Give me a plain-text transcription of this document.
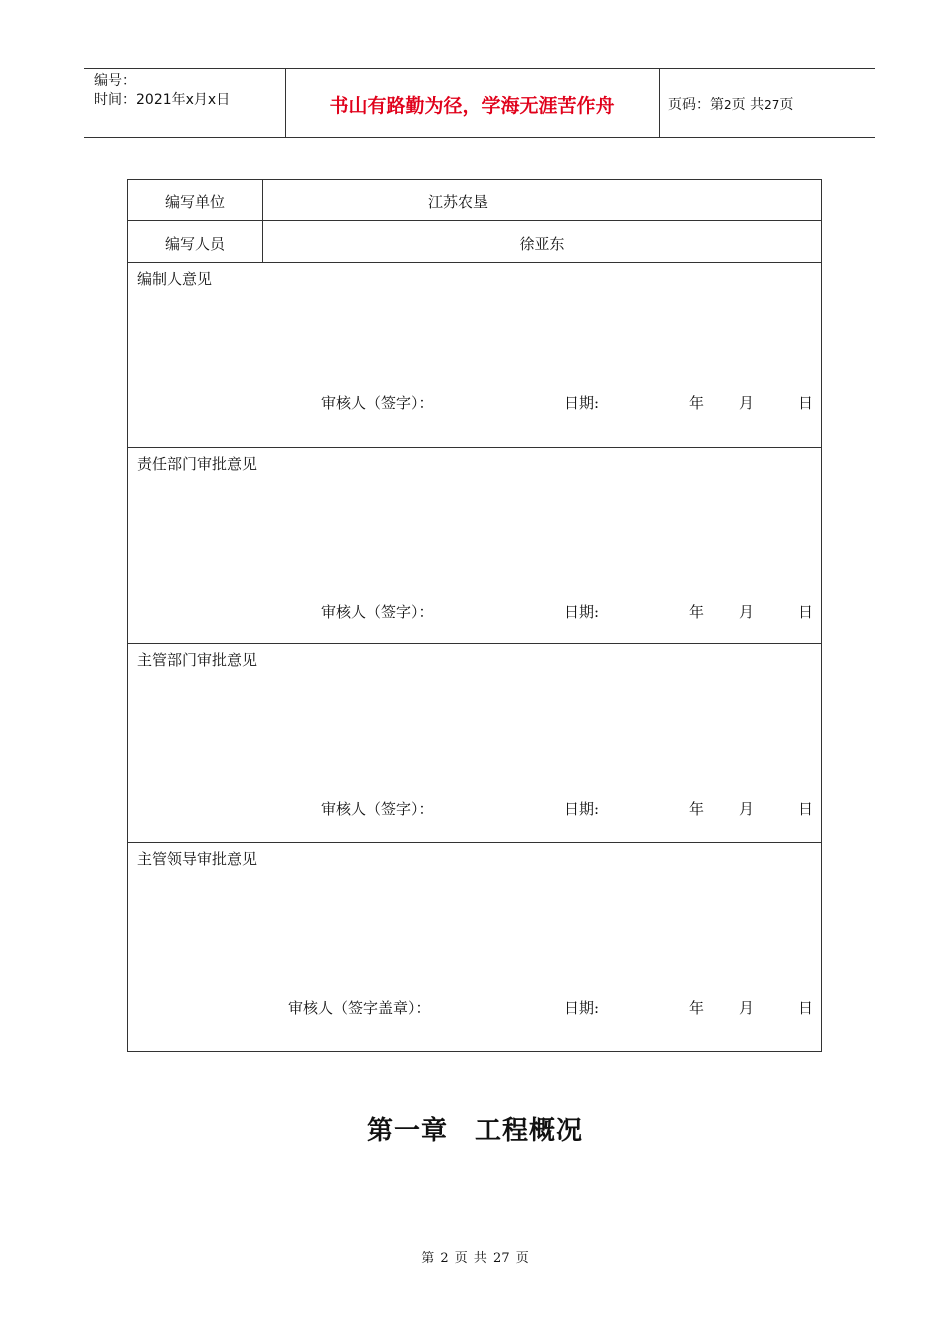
编号：
时间：2021年x月x日	书山有路勤为径，学海无涯苦作舟	页码：第2页 共27页
编写单位	江苏农垦
编写人员	徐亚东
编制人意见
审核人（签字）：	日期:	年 月	日
责任部门审批意见
审核人（签字）：	日期:	年 月	日
主管部门审批意见
审核人（签字）：	日期:	年 月	日
主管领导审批意见
审核人（签字盖章）：	日期:	年 月	日
第一章　工程概况
第 2 页 共 27 页
